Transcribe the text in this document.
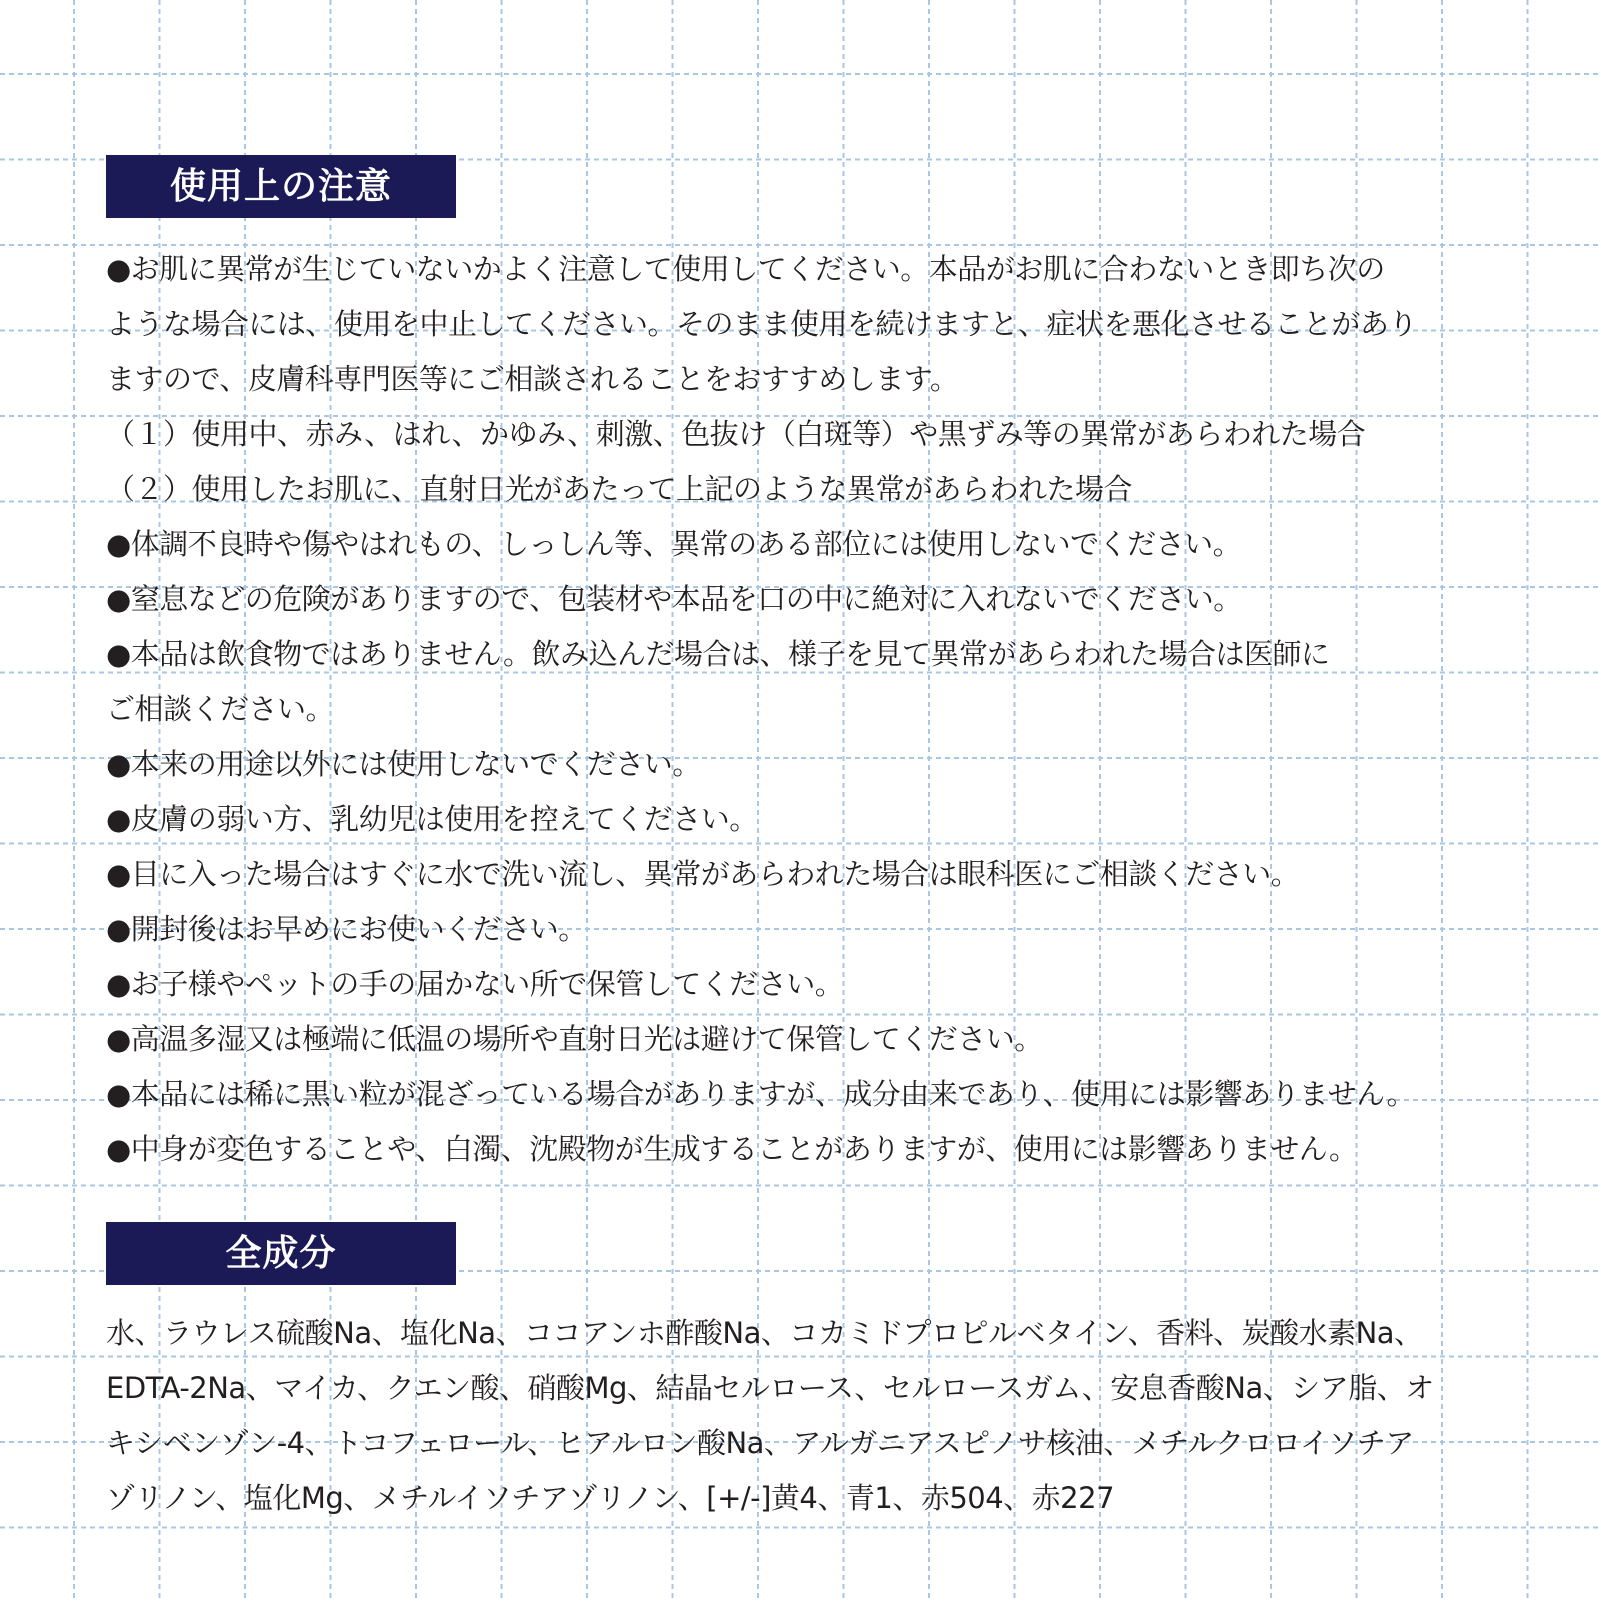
使用上の注意
●お肌に異常が生じていないかよく注意して使用してください。本品がお肌に合わないとき即ち次の
ような場合には、使用を中止してください。そのまま使用を続けますと、症状を悪化させることがあり
ますので、皮膚科専門医等にご相談されることをおすすめします。
（１）使用中、赤み、はれ、かゆみ、刺激、色抜け（白斑等）や黒ずみ等の異常があらわれた場合
（２）使用したお肌に、直射日光があたって上記のような異常があらわれた場合
●体調不良時や傷やはれもの、しっしん等、異常のある部位には使用しないでください。
●窒息などの危険がありますので、包装材や本品を口の中に絶対に入れないでください。
●本品は飲食物ではありません。飲み込んだ場合は、様子を見て異常があらわれた場合は医師に
ご相談ください。
●本来の用途以外には使用しないでください。
●皮膚の弱い方、乳幼児は使用を控えてください。
●目に入った場合はすぐに水で洗い流し、異常があらわれた場合は眼科医にご相談ください。
●開封後はお早めにお使いください。
●お子様やペットの手の届かない所で保管してください。
●高温多湿又は極端に低温の場所や直射日光は避けて保管してください。
●本品には稀に黒い粒が混ざっている場合がありますが、成分由来であり、使用には影響ありません。
●中身が変色することや、白濁、沈殿物が生成することがありますが、使用には影響ありません。
全成分
水、ラウレス硫酸Na、塩化Na、ココアンホ酢酸Na、コカミドプロピルベタイン、香料、炭酸水素Na、
EDTA-2Na、マイカ、クエン酸、硝酸Mg、結晶セルロース、セルロースガム、安息香酸Na、シア脂、オ
キシベンゾン-4、トコフェロール、ヒアルロン酸Na、アルガニアスピノサ核油、メチルクロロイソチア
ゾリノン、塩化Mg、メチルイソチアゾリノン、[+/-]黄4、青1、赤504、赤227
